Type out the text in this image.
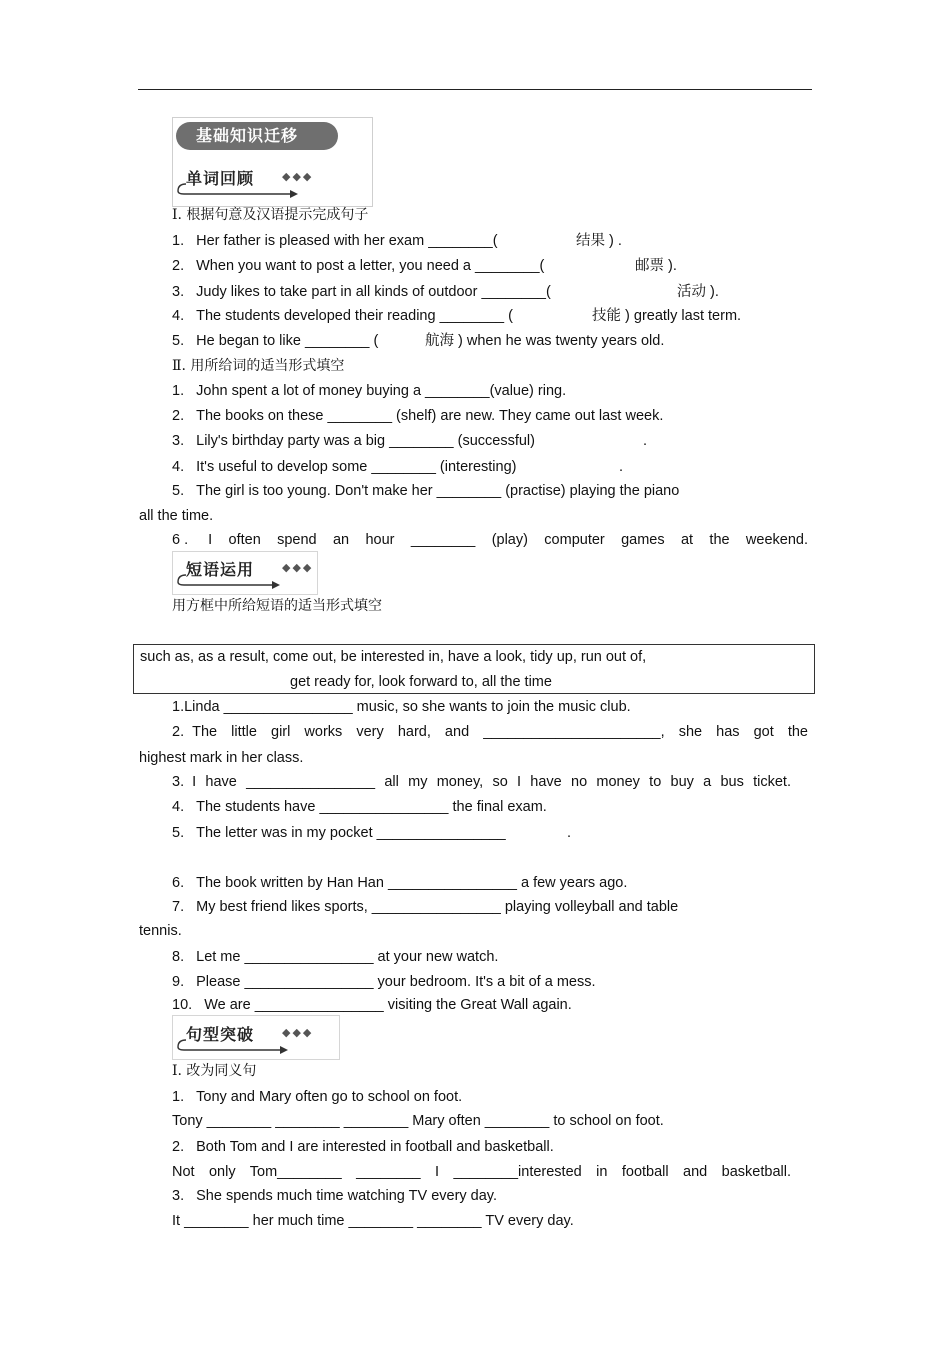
基础知识迁移
单词回顾	◆◆◆
Ⅰ. 根据句意及汉语提示完成句子
1. Her father is pleased with her exam ________(	结果 ) .
2. When you want to post a letter, you need a ________(	邮票 ).
3. Judy likes to take part in all kinds of outdoor ________(	活动 ).
4. The students developed their reading ________ (	技能 ) greatly last term.
5. He began to like ________ (	航海 ) when he was twenty years old.
Ⅱ. 用所给词的适当形式填空
1. John spent a lot of money buying a ________(value) ring.
2. The books on these ________ (shelf) are new. They came out last week.
3. Lily's birthday party was a big ________ (successful)	.
4. It's useful to develop some ________ (interesting)	.
5. The girl is too young. Don't make her ________ (practise) playing the piano
all the time.
6 . I often spend an hour ________ (play) computer games at the weekend.
短语运用	◆◆◆
用方框中所给短语的适当形式填空
such as, as a result, come out, be interested in, have a look, tidy up, run out of,
get ready for, look forward to, all the time
1.Linda ________________ music, so she wants to join the music club.
2. The little girl works very hard, and ______________________, she has got the
highest mark in her class.
3. I have ________________ all my money, so I have no money to buy a bus ticket.
4. The students have ________________ the final exam.
5. The letter was in my pocket ________________	.
6. The book written by Han Han ________________ a few years ago.
7. My best friend likes sports, ________________ playing volleyball and table
tennis.
8. Let me ________________ at your new watch.
9. Please ________________ your bedroom. It's a bit of a mess.
10. We are ________________ visiting the Great Wall again.
句型突破	◆◆◆
Ⅰ. 改为同义句
1. Tony and Mary often go to school on foot.
Tony ________ ________ ________ Mary often ________ to school on foot.
2. Both Tom and I are interested in football and basketball.
Not only Tom________ ________ I ________interested in football and basketball.
3. She spends much time watching TV every day.
It ________ her much time ________ ________ TV every day.
